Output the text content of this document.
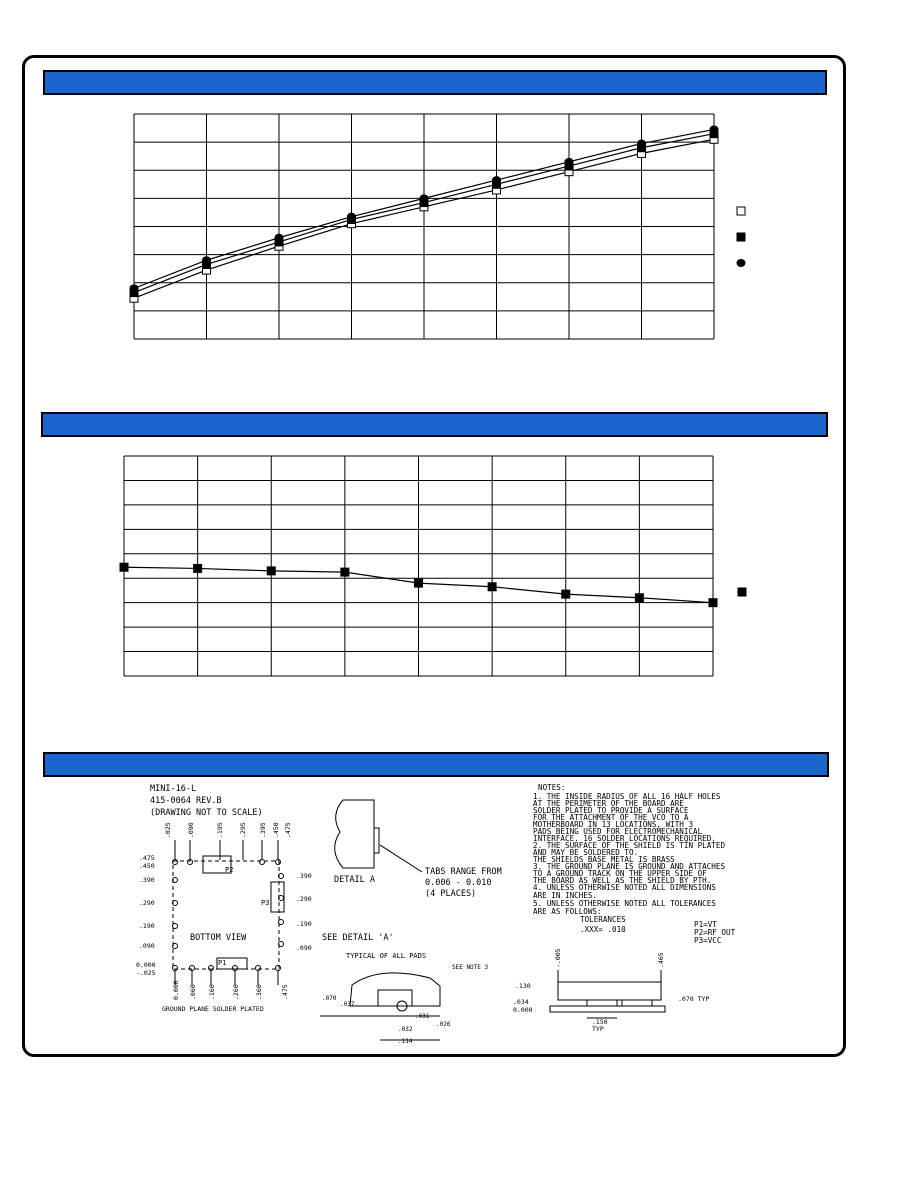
MINI-16-L
415-0064 REV.B
(DRAWING NOT TO SCALE)
BOTTOM VIEW
P1
P2
P3
GROUND PLANE SOLDER PLATED
SEE DETAIL 'A'
DETAIL A
TABS RANGE FROM
0.006 - 0.010
(4 PLACES)
TYPICAL OF ALL PADS
SEE NOTE 3
.025 .090	.195 .295 .395 .450 .475
.475
.450
.390
.290
.190
.090
0.000
-.025
.390
.290
.190
.090
0.000 .060 .160 .260 .360	.475	.070
.037
.031
.032
.026
.114
NOTES:
1. THE INSIDE RADIUS OF ALL 16 HALF HOLES
AT THE PERIMETER OF THE BOARD ARE
SOLDER PLATED TO PROVIDE A SURFACE
FOR THE ATTACHMENT OF THE VCO TO A
MOTHERBOARD IN 13 LOCATIONS, WITH 3
PADS BEING USED FOR ELECTROMECHANICAL
INTERFACE. 16 SOLDER LOCATIONS REQUIRED.
2. THE SURFACE OF THE SHIELD IS TIN PLATED
AND MAY BE SOLDERED TO.
THE SHIELDS BASE METAL IS BRASS
3. THE GROUND PLANE IS GROUND AND ATTACHES
TO A GROUND TRACK ON THE UPPER SIDE OF
THE BOARD AS WELL AS THE SHIELD BY PTH.
4. UNLESS OTHERWISE NOTED ALL DIMENSIONS
ARE IN INCHES.
5. UNLESS OTHERWISE NOTED ALL TOLERANCES
ARE AS FOLLOWS:
TOLERANCES
.XXX= .010
P1=VT
P2=RF OUT
P3=VCC
-.005	.465
.130
.034
0.000
.070 TYP
.150
TYP
